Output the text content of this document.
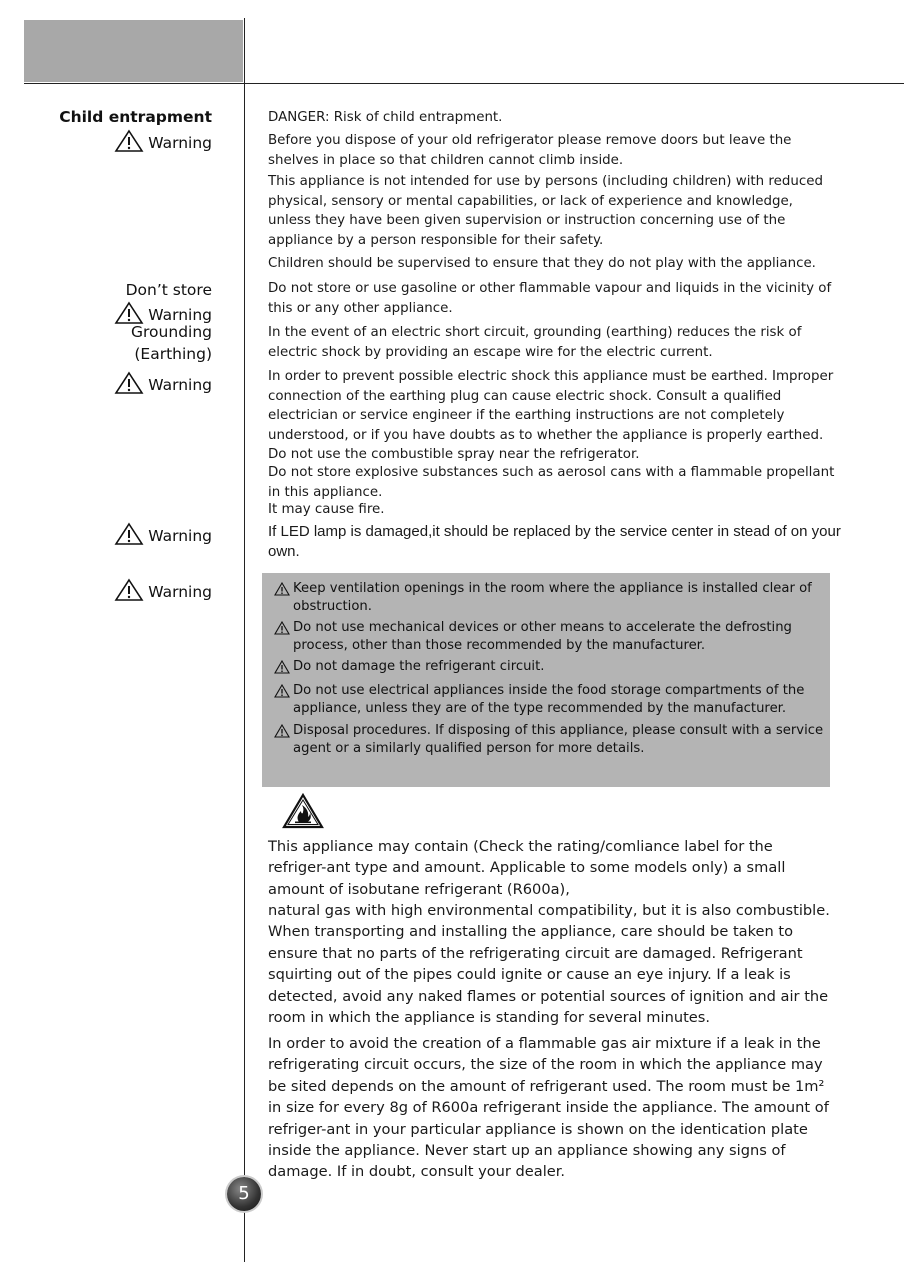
Child entrapment
Warning
Don’t store
Warning
Grounding
(Earthing)
Warning
Warning
Warning
DANGER: Risk of child entrapment.
Before you dispose of your old refrigerator please remove doors but leave the shelves in place so that children cannot climb inside.
This appliance is not intended for use by persons (including children) with reduced physical, sensory or mental capabilities, or lack of experience and knowledge, unless they have been given supervision or instruction concerning use of the appliance by a person responsible for their safety.
Children should be supervised to ensure that they do not play with the appliance.
Do not store or use gasoline or other flammable vapour and liquids in the vicinity of this or any other appliance.
In the event of an electric short circuit, grounding (earthing) reduces the risk of electric shock by providing an escape wire for the electric current.
In order to prevent possible electric shock this appliance must be earthed. Improper connection of the earthing plug can cause electric shock. Consult a qualified electrician or service engineer if the earthing instructions are not completely understood, or if you have doubts as to whether the appliance is properly earthed.
Do not use the combustible spray near the refrigerator.
Do not store explosive substances such as aerosol cans with a flammable propellant in this appliance.
It may cause fire.
If LED lamp is damaged,it should be replaced by the service center in stead of on your own.
Keep ventilation openings in the room where the appliance is installed clear of obstruction.
Do not use mechanical devices or other means to accelerate the defrosting process, other than those recommended by the manufacturer.
Do not damage the refrigerant circuit.
Do not use electrical appliances inside the food storage compartments of the appliance, unless they are of the type recommended by the manufacturer.
Disposal procedures. If disposing of this appliance, please consult with a service agent or a similarly qualified person for more details.
This appliance may contain (Check the rating/comliance label for the refriger-ant type and amount. Applicable to some models only) a small amount of isobutane refrigerant (R600a),
natural gas with high environmental compatibility, but it is also combustible. When transporting and installing the appliance, care should be taken to ensure that no parts of the refrigerating circuit are damaged. Refrigerant squirting out of the pipes could ignite or cause an eye injury. If a leak is detected, avoid any naked flames or potential sources of ignition and air the room in which the appliance is standing for several minutes.
In order to avoid the creation of a flammable gas air mixture if a leak in the refrigerating circuit occurs, the size of the room in which the appliance may be sited depends on the amount of refrigerant used. The room must be 1m² in size for every 8g of R600a refrigerant inside the appliance. The amount of refriger-ant in your particular appliance is shown on the identication plate inside the appliance. Never start up an appliance showing any signs of damage. If in doubt, consult your dealer.
5
